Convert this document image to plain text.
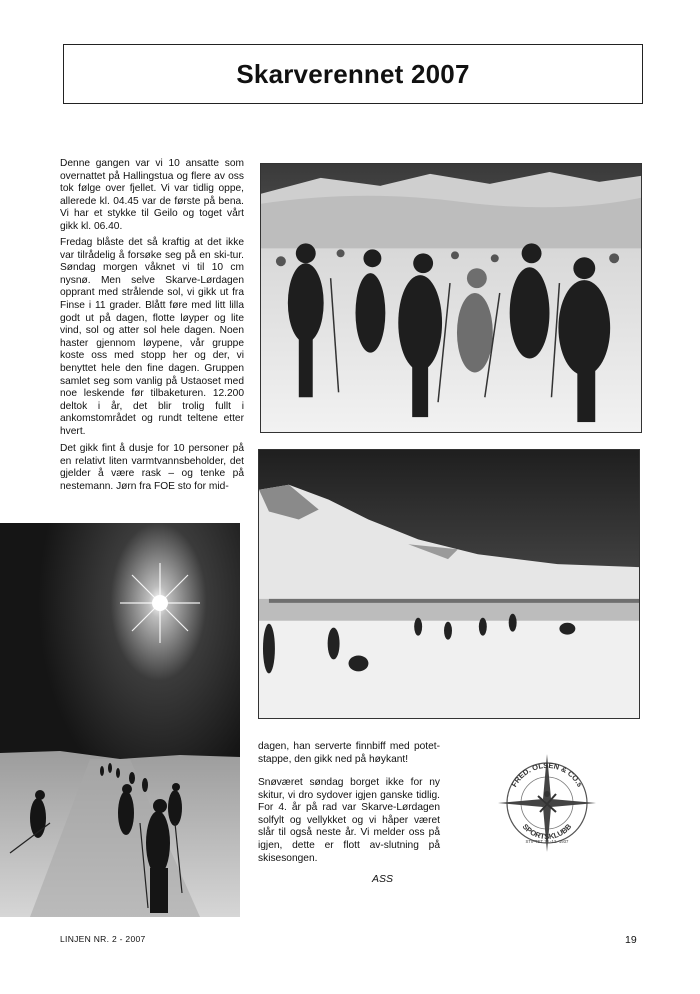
Skarverennet 2007

Denne gangen var vi 10 ansatte som overnattet på Hallingstua og flere av oss tok følge over fjellet. Vi var tidlig oppe, allerede kl. 04.45 var de første på bena. Vi har et stykke til Geilo og toget vårt gikk kl. 06.40.

Fredag blåste det så kraftig at det ikke var tilrådelig å forsøke seg på en ski-tur. Søndag morgen våknet vi til 10 cm nysnø. Men selve Skarve-Lørdagen opprant med strålende sol, vi gikk ut fra Finse i 11 grader. Blått føre med litt lilla godt ut på dagen, flotte løyper og lite vind, sol og atter sol hele dagen. Noen haster gjennom løypene, vår gruppe koste oss med stopp her og der, vi benyttet hele den fine dagen. Gruppen samlet seg som vanlig på Ustaoset med noe leskende før tilbaketuren. 12.200 deltok i år, det blir trolig fullt i ankomstområdet og rundt teltene etter hvert.

Det gikk fint å dusje for 10 personer på en relativt liten varmtvannsbeholder, det gjelder å være rask – og tenke på nestemann. Jørn fra FOE sto for mid-

dagen, han serverte finnbiff med potet-stappe, den gikk ned på høykant!

Snøværet søndag borget ikke for ny skitur, vi dro sydover igjen ganske tidlig. For 4. år på rad var Skarve-Lørdagen solfylt og vellykket og vi håper været slår til også neste år. Vi melder oss på igjen, dette er flott av-slutning på skisesongen.

ASS
FRED. OLSEN & CO.s
SPORTSKLUBB
STIFTET 10.-12.-1937
LINJEN NR. 2 - 2007	19
